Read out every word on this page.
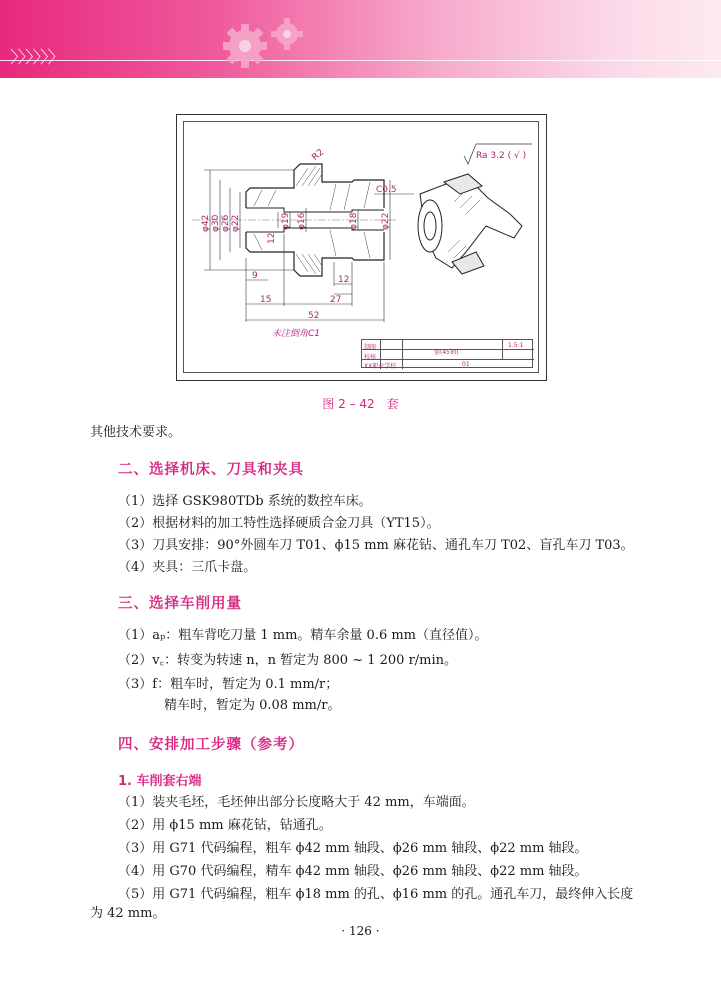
〉〉〉〉〉〉
φ42 φ30 φ26 φ22	φ19 φ16	φ18 φ22
12
9	12
15	27
52
R2
C0.5
Ra 3.2 ( √ )
未注倒角C1
制图
校核
套(45钢)
1.5:1
XX职业学校	01
图 2 – 42　套
其他技术要求。
二、选择机床、刀具和夹具
（1）选择 GSK980TDb 系统的数控车床。
（2）根据材料的加工特性选择硬质合金刀具（YT15）。
（3）刀具安排：90°外圆车刀 T01、ϕ15 mm 麻花钻、通孔车刀 T02、盲孔车刀 T03。
（4）夹具：三爪卡盘。
三、选择车削用量
（1）aₚ：粗车背吃刀量 1 mm。精车余量 0.6 mm（直径值）。
（2）v꜀：转变为转速 n，n 暂定为 800 ~ 1 200 r/min。
（3）f：粗车时，暂定为 0.1 mm/r；
精车时，暂定为 0.08 mm/r。
四、安排加工步骤（参考）
1. 车削套右端
（1）装夹毛坯，毛坯伸出部分长度略大于 42 mm，车端面。
（2）用 ϕ15 mm 麻花钻，钻通孔。
（3）用 G71 代码编程，粗车 ϕ42 mm 轴段、ϕ26 mm 轴段、ϕ22 mm 轴段。
（4）用 G70 代码编程，精车 ϕ42 mm 轴段、ϕ26 mm 轴段、ϕ22 mm 轴段。
（5）用 G71 代码编程，粗车 ϕ18 mm 的孔、ϕ16 mm 的孔。通孔车刀，最终伸入长度
为 42 mm。
· 126 ·
